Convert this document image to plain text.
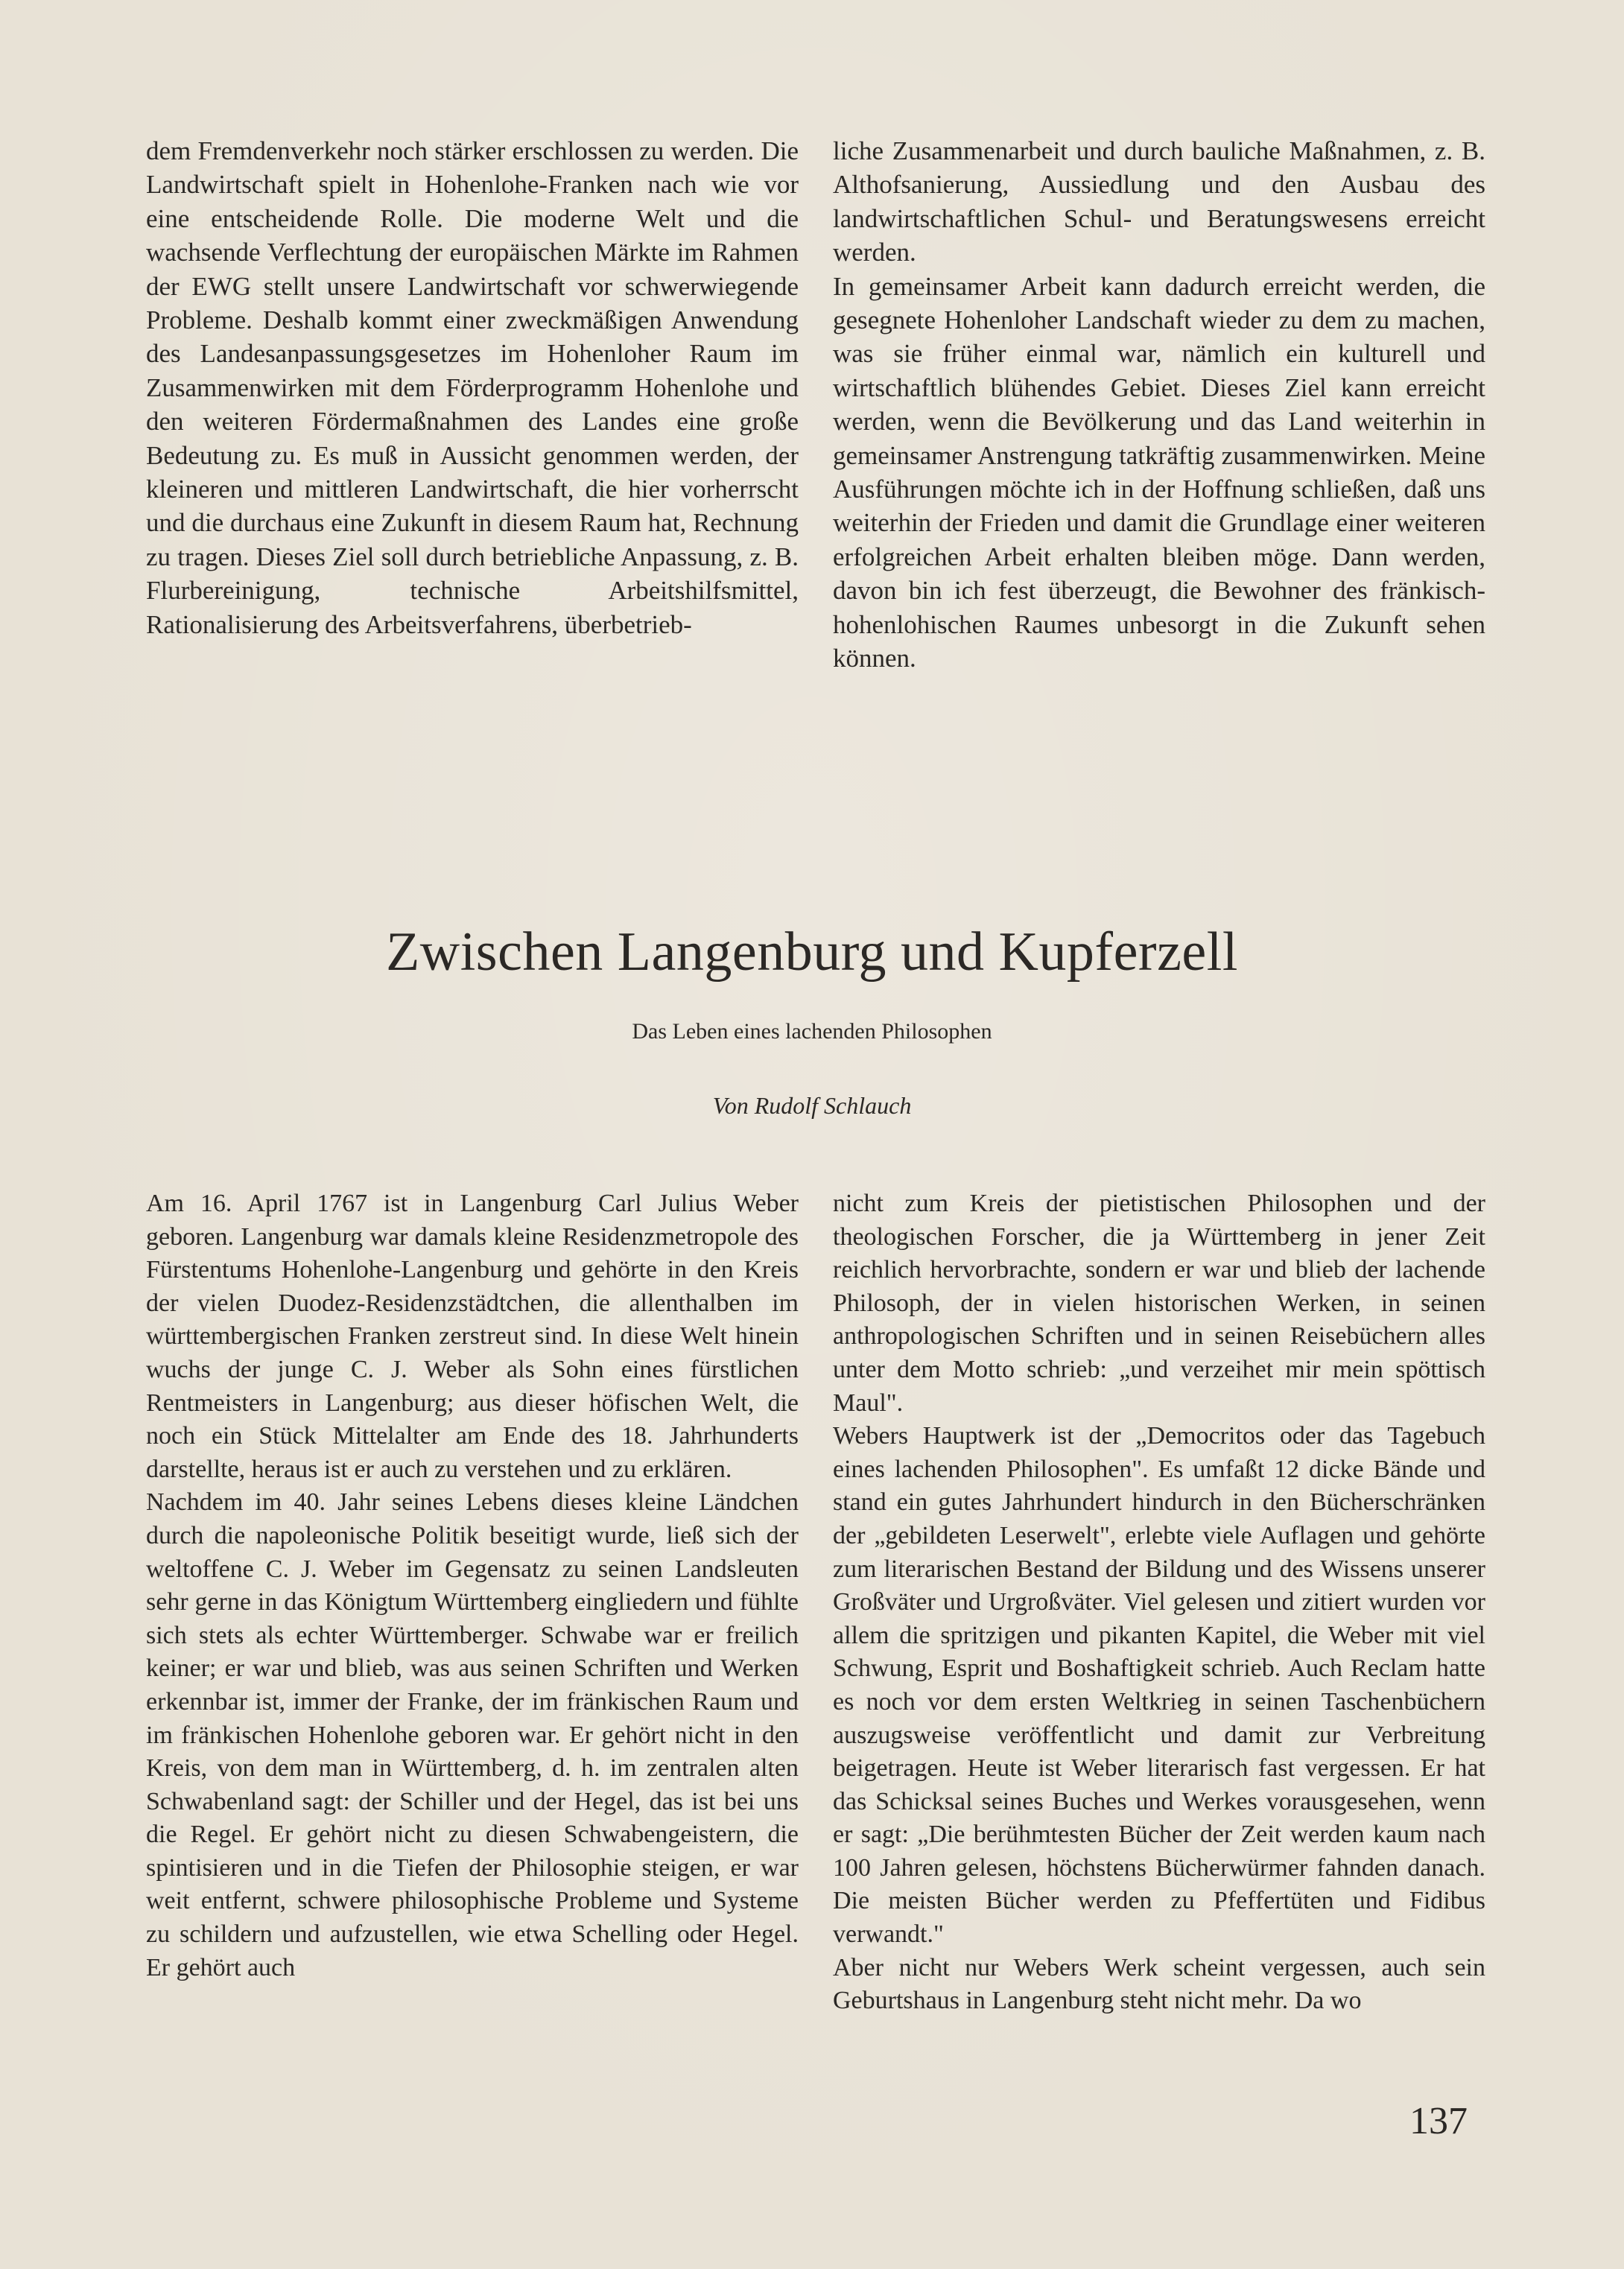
dem Fremdenverkehr noch stärker erschlossen zu werden. Die Landwirtschaft spielt in Hohenlohe-Franken nach wie vor eine entscheidende Rolle. Die moderne Welt und die wachsende Verflechtung der europäischen Märkte im Rahmen der EWG stellt unsere Landwirtschaft vor schwerwiegende Probleme. Deshalb kommt einer zweckmäßigen Anwendung des Landesanpassungsgesetzes im Hohenloher Raum im Zusammenwirken mit dem Förderprogramm Hohenlohe und den weiteren Fördermaßnahmen des Landes eine große Bedeutung zu. Es muß in Aussicht genommen werden, der kleineren und mittleren Landwirtschaft, die hier vorherrscht und die durchaus eine Zukunft in diesem Raum hat, Rechnung zu tragen. Dieses Ziel soll durch betriebliche Anpassung, z. B. Flurbereinigung, technische Arbeitshilfsmittel, Rationalisierung des Arbeitsverfahrens, überbetrieb-

liche Zusammenarbeit und durch bauliche Maßnahmen, z. B. Althofsanierung, Aussiedlung und den Ausbau des landwirtschaftlichen Schul- und Beratungswesens erreicht werden.

In gemeinsamer Arbeit kann dadurch erreicht werden, die gesegnete Hohenloher Landschaft wieder zu dem zu machen, was sie früher einmal war, nämlich ein kulturell und wirtschaftlich blühendes Gebiet. Dieses Ziel kann erreicht werden, wenn die Bevölkerung und das Land weiterhin in gemeinsamer Anstrengung tatkräftig zusammenwirken. Meine Ausführungen möchte ich in der Hoffnung schließen, daß uns weiterhin der Frieden und damit die Grundlage einer weiteren erfolgreichen Arbeit erhalten bleiben möge. Dann werden, davon bin ich fest überzeugt, die Bewohner des fränkisch-hohenlohischen Raumes unbesorgt in die Zukunft sehen können.

Zwischen Langenburg und Kupferzell

Das Leben eines lachenden Philosophen

Von Rudolf Schlauch

Am 16. April 1767 ist in Langenburg Carl Julius Weber geboren. Langenburg war damals kleine Residenzmetropole des Fürstentums Hohenlohe-Langenburg und gehörte in den Kreis der vielen Duodez-Residenzstädtchen, die allenthalben im württembergischen Franken zerstreut sind. In diese Welt hinein wuchs der junge C. J. Weber als Sohn eines fürstlichen Rentmeisters in Langenburg; aus dieser höfischen Welt, die noch ein Stück Mittelalter am Ende des 18. Jahrhunderts darstellte, heraus ist er auch zu verstehen und zu erklären.

Nachdem im 40. Jahr seines Lebens dieses kleine Ländchen durch die napoleonische Politik beseitigt wurde, ließ sich der weltoffene C. J. Weber im Gegensatz zu seinen Landsleuten sehr gerne in das Königtum Württemberg eingliedern und fühlte sich stets als echter Württemberger. Schwabe war er freilich keiner; er war und blieb, was aus seinen Schriften und Werken erkennbar ist, immer der Franke, der im fränkischen Raum und im fränkischen Hohenlohe geboren war. Er gehört nicht in den Kreis, von dem man in Württemberg, d. h. im zentralen alten Schwabenland sagt: der Schiller und der Hegel, das ist bei uns die Regel. Er gehört nicht zu diesen Schwabengeistern, die spintisieren und in die Tiefen der Philosophie steigen, er war weit entfernt, schwere philosophische Probleme und Systeme zu schildern und aufzustellen, wie etwa Schelling oder Hegel. Er gehört auch

nicht zum Kreis der pietistischen Philosophen und der theologischen Forscher, die ja Württemberg in jener Zeit reichlich hervorbrachte, sondern er war und blieb der lachende Philosoph, der in vielen historischen Werken, in seinen anthropologischen Schriften und in seinen Reisebüchern alles unter dem Motto schrieb: „und verzeihet mir mein spöttisch Maul".

Webers Hauptwerk ist der „Democritos oder das Tagebuch eines lachenden Philosophen". Es umfaßt 12 dicke Bände und stand ein gutes Jahrhundert hindurch in den Bücherschränken der „gebildeten Leserwelt", erlebte viele Auflagen und gehörte zum literarischen Bestand der Bildung und des Wissens unserer Großväter und Urgroßväter. Viel gelesen und zitiert wurden vor allem die spritzigen und pikanten Kapitel, die Weber mit viel Schwung, Esprit und Boshaftigkeit schrieb. Auch Reclam hatte es noch vor dem ersten Weltkrieg in seinen Taschenbüchern auszugsweise veröffentlicht und damit zur Verbreitung beigetragen. Heute ist Weber literarisch fast vergessen. Er hat das Schicksal seines Buches und Werkes vorausgesehen, wenn er sagt: „Die berühmtesten Bücher der Zeit werden kaum nach 100 Jahren gelesen, höchstens Bücherwürmer fahnden danach. Die meisten Bücher werden zu Pfeffertüten und Fidibus verwandt."

Aber nicht nur Webers Werk scheint vergessen, auch sein Geburtshaus in Langenburg steht nicht mehr. Da wo

137
